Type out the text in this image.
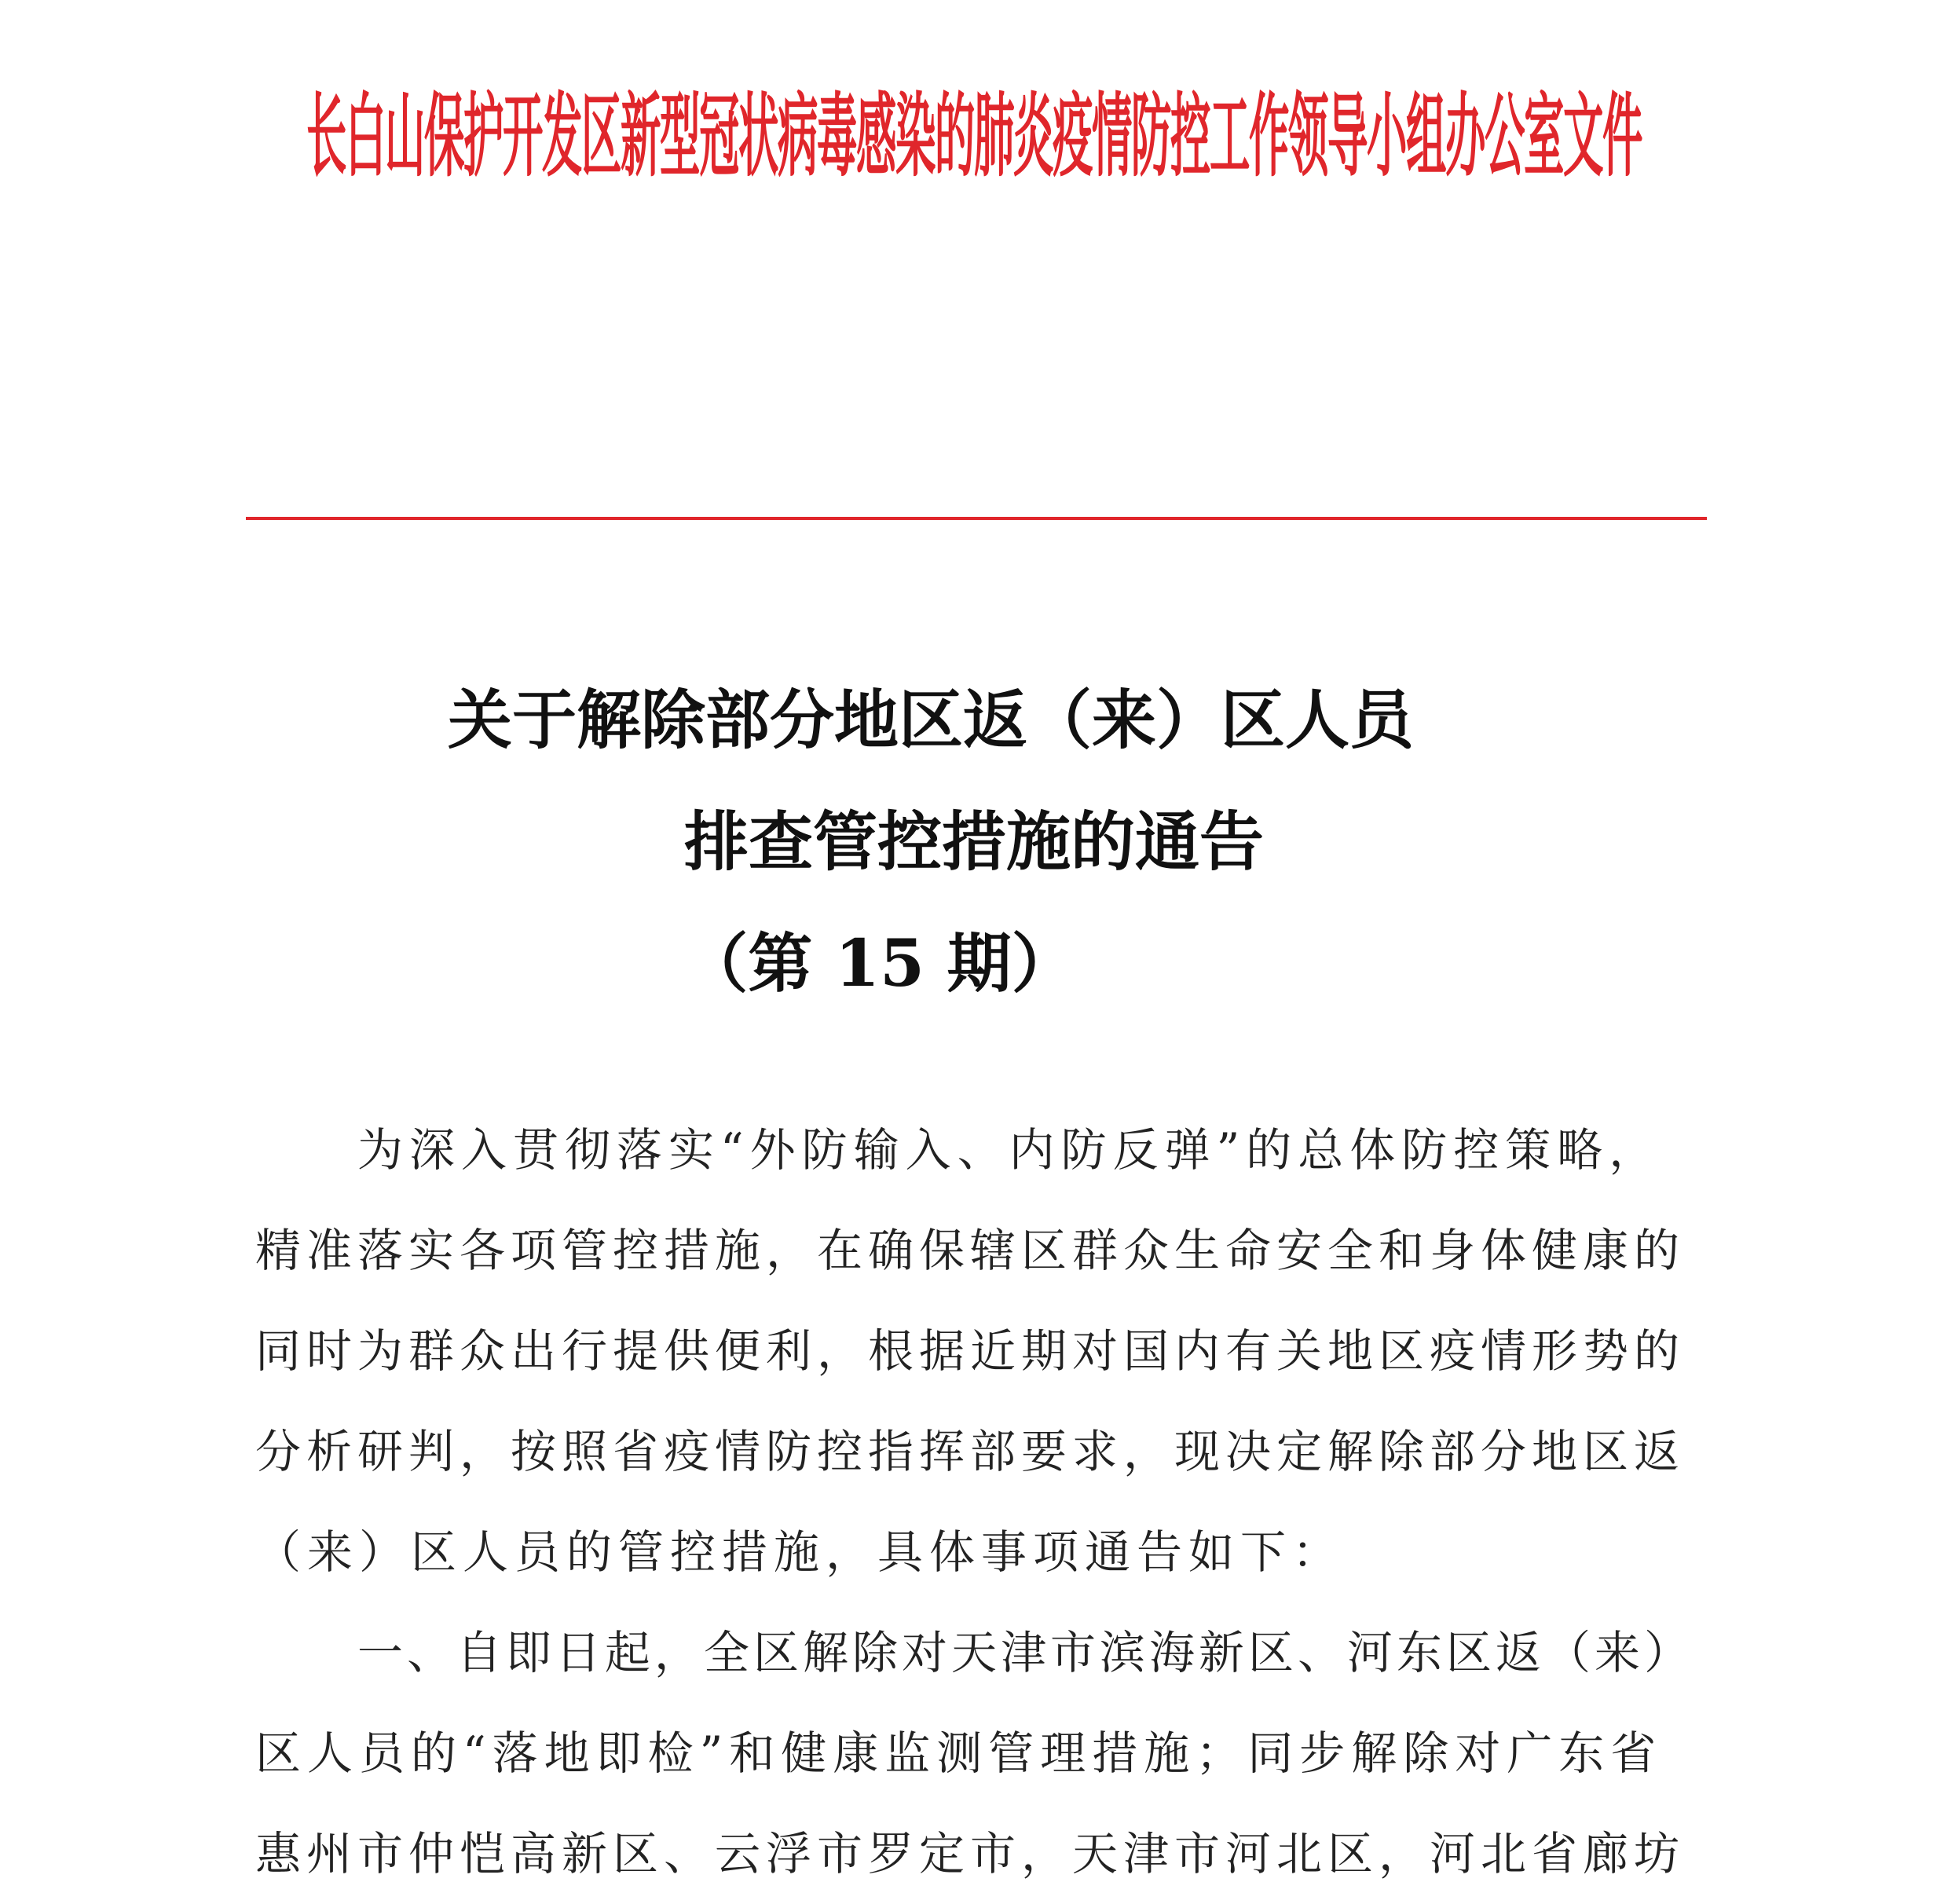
长白山保护开发区新型冠状病毒感染的肺炎疫情防控工作领导小组办公室文件
关于解除部分地区返（来）区人员
排查管控措施的通告
（第 15 期）

为深入贯彻落实“外防输入、内防反弹”的总体防控策略，
精准落实各项管控措施，在确保辖区群众生命安全和身体健康的
同时为群众出行提供便利，根据近期对国内有关地区疫情形势的
分析研判，按照省疫情防控指挥部要求，现决定解除部分地区返
（来）区人员的管控措施，具体事项通告如下：

一、自即日起，全区解除对天津市滨海新区、河东区返（来）
区人员的“落地即检”和健康监测管理措施；同步解除对广东省
惠州市仲恺高新区、云浮市罗定市，天津市河北区，河北省廊坊
